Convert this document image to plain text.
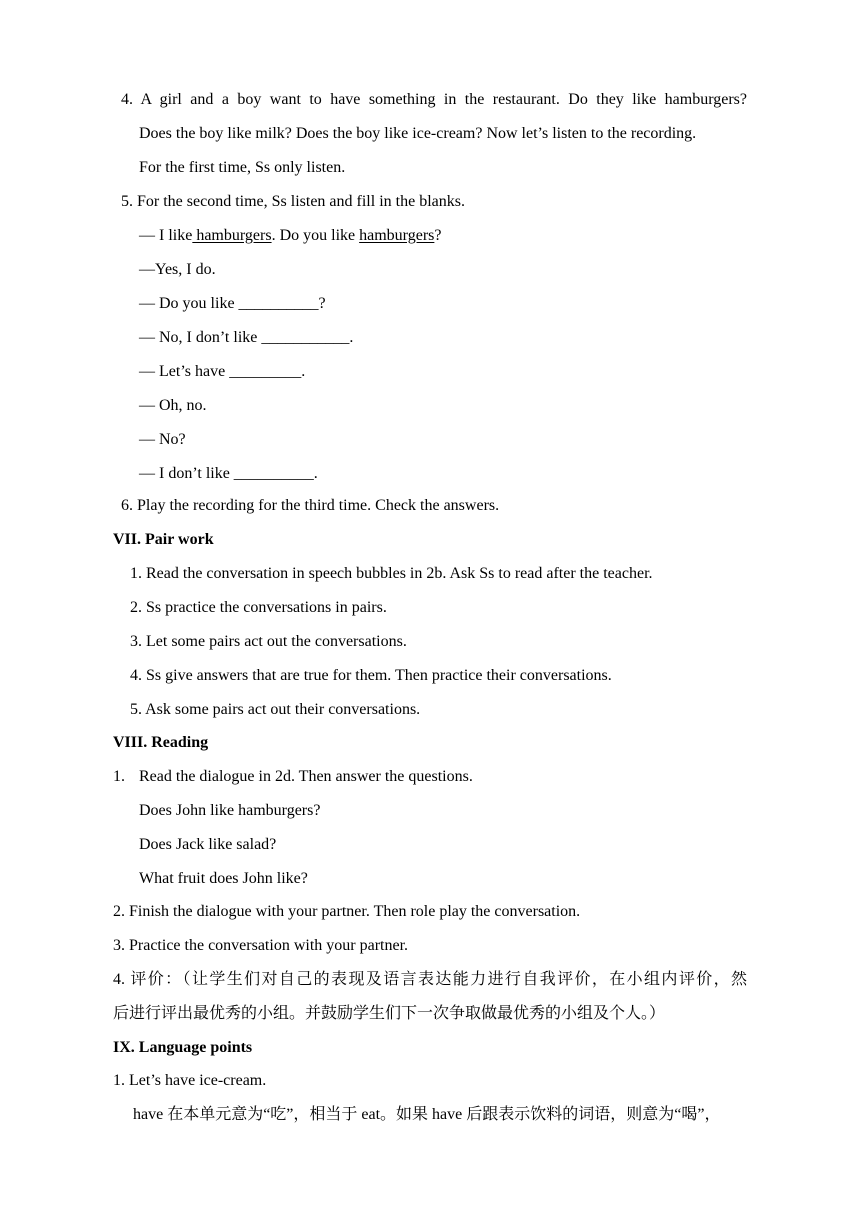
4. A girl and a boy want to have something in the restaurant. Do they like hamburgers?
Does the boy like milk? Does the boy like ice-cream? Now let’s listen to the recording.
For the first time, Ss only listen.
5. For the second time, Ss listen and fill in the blanks.
— I like hamburgers. Do you like hamburgers?
—Yes, I do.
— Do you like __________?
— No, I don’t like ___________.
— Let’s have _________.
— Oh, no.
— No?
— I don’t like __________.
6. Play the recording for the third time. Check the answers.
VII. Pair work
1. Read the conversation in speech bubbles in 2b. Ask Ss to read after the teacher.
2. Ss practice the conversations in pairs.
3. Let some pairs act out the conversations.
4. Ss give answers that are true for them. Then practice their conversations.
5. Ask some pairs act out their conversations.
VIII. Reading
1. Read the dialogue in 2d. Then answer the questions.
Does John like hamburgers?
Does Jack like salad?
What fruit does John like?
2. Finish the dialogue with your partner. Then role play the conversation.
3. Practice the conversation with your partner.
4. 评价：（让学生们对自己的表现及语言表达能力进行自我评价，在小组内评价，然
后进行评出最优秀的小组。并鼓励学生们下一次争取做最优秀的小组及个人。）
IX. Language points
1. Let’s have ice-cream.
have 在本单元意为“吃”，相当于 eat。如果 have 后跟表示饮料的词语，则意为“喝”，
